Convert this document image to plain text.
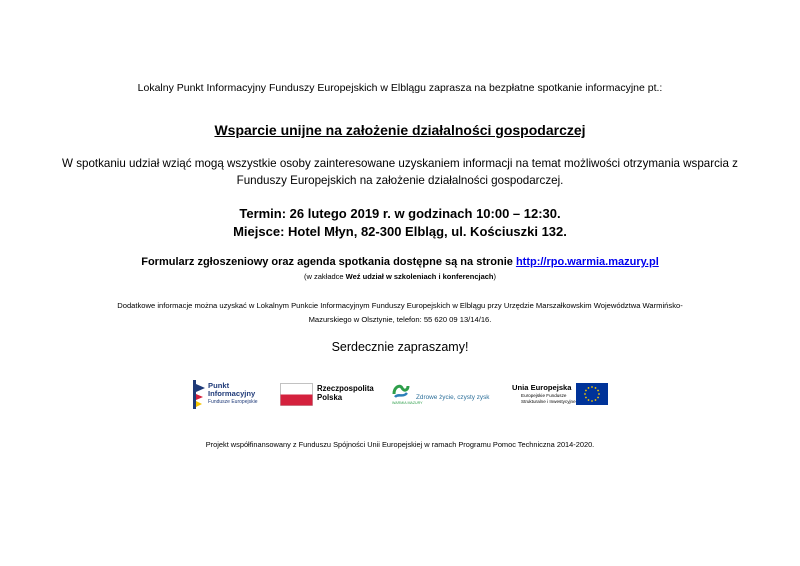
Lokalny Punkt Informacyjny Funduszy Europejskich w Elblągu zaprasza na bezpłatne spotkanie informacyjne pt.:
Wsparcie unijne na założenie działalności gospodarczej
W spotkaniu udział wziąć mogą wszystkie osoby zainteresowane uzyskaniem informacji na temat możliwości otrzymania wsparcia z
Funduszy Europejskich na założenie działalności gospodarczej.
Termin: 26 lutego 2019 r. w godzinach 10:00 – 12:30.
Miejsce: Hotel Młyn, 82-300 Elbląg, ul. Kościuszki 132.
Formularz zgłoszeniowy oraz agenda spotkania dostępne są na stronie http://rpo.warmia.mazury.pl
(w zakładce Weź udział w szkoleniach i konferencjach)
Dodatkowe informacje można uzyskać w Lokalnym Punkcie Informacyjnym Funduszy Europejskich w Elblągu przy Urzędzie Marszałkowskim Województwa Warmińsko-
Mazurskiego w Olsztynie, telefon: 55 620 09 13/14/16.
Serdecznie zapraszamy!
Punkt
Informacyjny
Fundusze Europejskie
Rzeczpospolita
Polska
WARMIA MAZURY
Zdrowe życie, czysty zysk
Unia Europejska
Europejskie Fundusze
Strukturalne i Inwestycyjne
Projekt współfinansowany z Funduszu Spójności Unii Europejskiej w ramach Programu Pomoc Techniczna 2014-2020.
